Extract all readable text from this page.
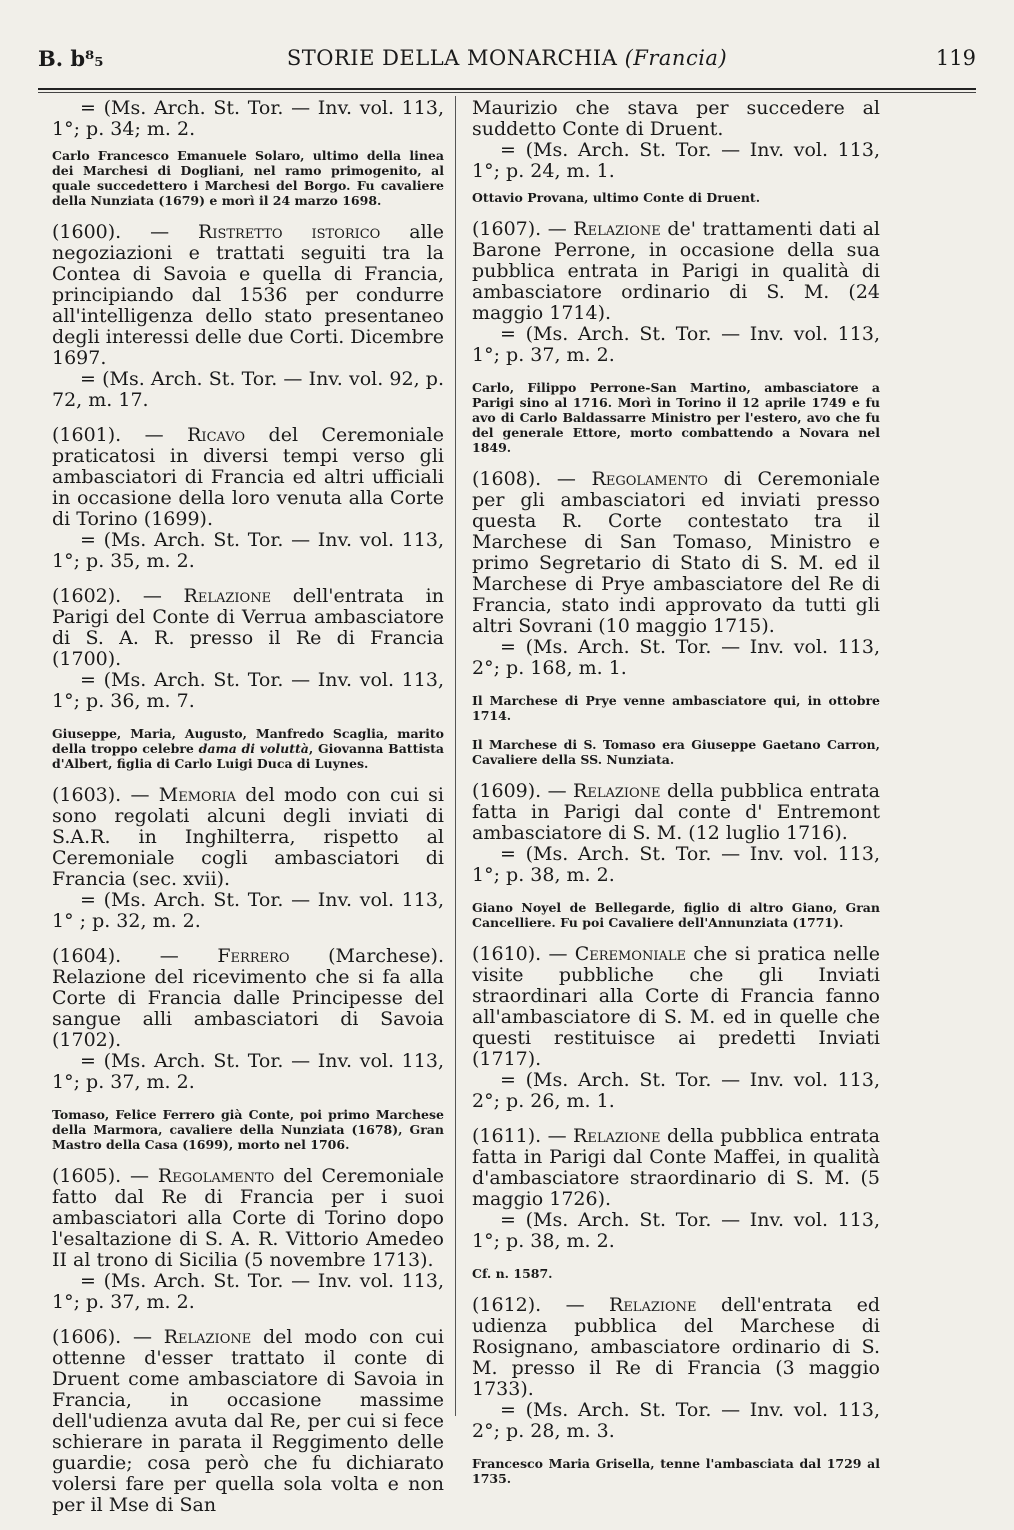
B. b⁸₅	STORIE DELLA MONARCHIA (Francia)	119

= (Ms. Arch. St. Tor. — Inv. vol. 113, 1°; p. 34; m. 2.

Carlo Francesco Emanuele Solaro, ultimo della linea dei Marchesi di Dogliani, nel ramo primogenito, al quale succedettero i Marchesi del Borgo. Fu cavaliere della Nunziata (1679) e morì il 24 marzo 1698.

(1600). — Ristretto istorico alle negoziazioni e trattati seguiti tra la Contea di Savoia e quella di Francia, principiando dal 1536 per condurre all'intelligenza dello stato presentaneo degli interessi delle due Corti. Dicembre 1697.

= (Ms. Arch. St. Tor. — Inv. vol. 92, p. 72, m. 17.

(1601). — Ricavo del Ceremoniale praticatosi in diversi tempi verso gli ambasciatori di Francia ed altri ufficiali in occasione della loro venuta alla Corte di Torino (1699).

= (Ms. Arch. St. Tor. — Inv. vol. 113, 1°; p. 35, m. 2.

(1602). — Relazione dell'entrata in Parigi del Conte di Verrua ambasciatore di S. A. R. presso il Re di Francia (1700).

= (Ms. Arch. St. Tor. — Inv. vol. 113, 1°; p. 36, m. 7.

Giuseppe, Maria, Augusto, Manfredo Scaglia, marito della troppo celebre dama di voluttà, Giovanna Battista d'Albert, figlia di Carlo Luigi Duca di Luynes.

(1603). — Memoria del modo con cui si sono regolati alcuni degli inviati di S.A.R. in Inghilterra, rispetto al Ceremoniale cogli ambasciatori di Francia (sec. xvii).

= (Ms. Arch. St. Tor. — Inv. vol. 113, 1° ; p. 32, m. 2.

(1604). — Ferrero (Marchese). Relazione del ricevimento che si fa alla Corte di Francia dalle Principesse del sangue alli ambasciatori di Savoia (1702).

= (Ms. Arch. St. Tor. — Inv. vol. 113, 1°; p. 37, m. 2.

Tomaso, Felice Ferrero già Conte, poi primo Marchese della Marmora, cavaliere della Nunziata (1678), Gran Mastro della Casa (1699), morto nel 1706.

(1605). — Regolamento del Ceremoniale fatto dal Re di Francia per i suoi ambasciatori alla Corte di Torino dopo l'esaltazione di S. A. R. Vittorio Amedeo II al trono di Sicilia (5 novembre 1713).

= (Ms. Arch. St. Tor. — Inv. vol. 113, 1°; p. 37, m. 2.

(1606). — Relazione del modo con cui ottenne d'esser trattato il conte di Druent come ambasciatore di Savoia in Francia, in occasione massime dell'udienza avuta dal Re, per cui si fece schierare in parata il Reggimento delle guardie; cosa però che fu dichiarato volersi fare per quella sola volta e non per il Mse di San

Maurizio che stava per succedere al suddetto Conte di Druent.

= (Ms. Arch. St. Tor. — Inv. vol. 113, 1°; p. 24, m. 1.

Ottavio Provana, ultimo Conte di Druent.

(1607). — Relazione de' trattamenti dati al Barone Perrone, in occasione della sua pubblica entrata in Parigi in qualità di ambasciatore ordinario di S. M. (24 maggio 1714).

= (Ms. Arch. St. Tor. — Inv. vol. 113, 1°; p. 37, m. 2.

Carlo, Filippo Perrone-San Martino, ambasciatore a Parigi sino al 1716. Morì in Torino il 12 aprile 1749 e fu avo di Carlo Baldassarre Ministro per l'estero, avo che fu del generale Ettore, morto combattendo a Novara nel 1849.

(1608). — Regolamento di Ceremoniale per gli ambasciatori ed inviati presso questa R. Corte contestato tra il Marchese di San Tomaso, Ministro e primo Segretario di Stato di S. M. ed il Marchese di Prye ambasciatore del Re di Francia, stato indi approvato da tutti gli altri Sovrani (10 maggio 1715).

= (Ms. Arch. St. Tor. — Inv. vol. 113, 2°; p. 168, m. 1.

Il Marchese di Prye venne ambasciatore qui, in ottobre 1714.

Il Marchese di S. Tomaso era Giuseppe Gaetano Carron, Cavaliere della SS. Nunziata.

(1609). — Relazione della pubblica entrata fatta in Parigi dal conte d' Entremont ambasciatore di S. M. (12 luglio 1716).

= (Ms. Arch. St. Tor. — Inv. vol. 113, 1°; p. 38, m. 2.

Giano Noyel de Bellegarde, figlio di altro Giano, Gran Cancelliere. Fu poi Cavaliere dell'Annunziata (1771).

(1610). — Ceremoniale che si pratica nelle visite pubbliche che gli Inviati straordinari alla Corte di Francia fanno all'ambasciatore di S. M. ed in quelle che questi restituisce ai predetti Inviati (1717).

= (Ms. Arch. St. Tor. — Inv. vol. 113, 2°; p. 26, m. 1.

(1611). — Relazione della pubblica entrata fatta in Parigi dal Conte Maffei, in qualità d'ambasciatore straordinario di S. M. (5 maggio 1726).

= (Ms. Arch. St. Tor. — Inv. vol. 113, 1°; p. 38, m. 2.

Cf. n. 1587.

(1612). — Relazione dell'entrata ed udienza pubblica del Marchese di Rosignano, ambasciatore ordinario di S. M. presso il Re di Francia (3 maggio 1733).

= (Ms. Arch. St. Tor. — Inv. vol. 113, 2°; p. 28, m. 3.

Francesco Maria Grisella, tenne l'ambasciata dal 1729 al 1735.
